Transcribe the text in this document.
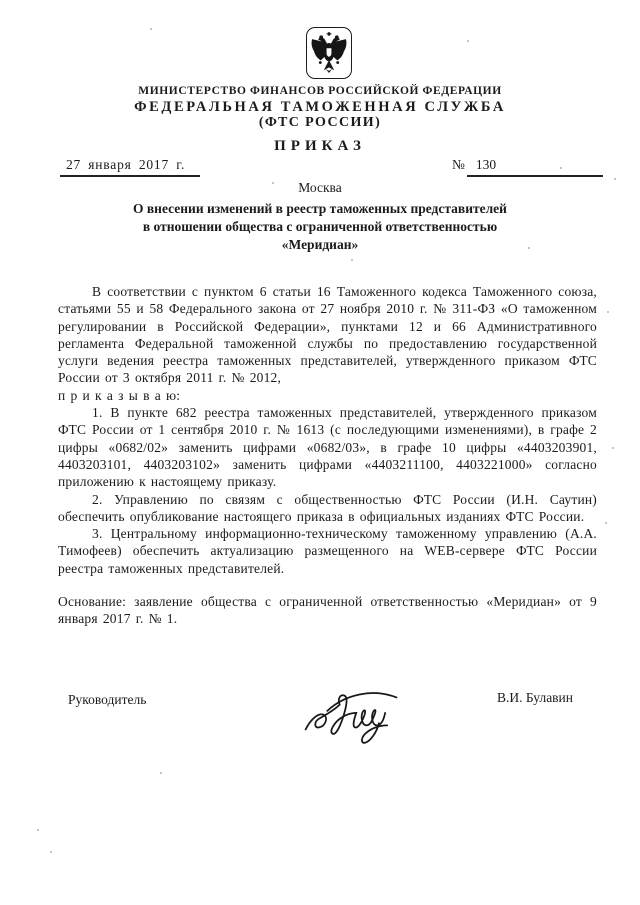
МИНИСТЕРСТВО ФИНАНСОВ РОССИЙСКОЙ ФЕДЕРАЦИИ
ФЕДЕРАЛЬНАЯ ТАМОЖЕННАЯ СЛУЖБА
(ФТС РОССИИ)
ПРИКАЗ
27 января 2017 г.	№ 130
Москва
О внесении изменений в реестр таможенных представителей
в отношении общества с ограниченной ответственностью
«Меридиан»

В соответствии с пунктом 6 статьи 16 Таможенного кодекса Таможенного союза, статьями 55 и 58 Федерального закона от 27 ноября 2010 г. № 311-ФЗ «О таможенном регулировании в Российской Федерации», пунктами 12 и 66 Административного регламента Федеральной таможенной службы по предоставлению государственной услуги ведения реестра таможенных представителей, утвержденного приказом ФТС России от 3 октября 2011 г. № 2012,

п р и к а з ы в а ю:

1. В пункте 682 реестра таможенных представителей, утвержденного приказом ФТС России от 1 сентября 2010 г. № 1613 (с последующими изменениями), в графе 2 цифры «0682/02» заменить цифрами «0682/03», в графе 10 цифры «4403203901, 4403203101, 4403203102» заменить цифрами «4403211100, 4403221000» согласно приложению к настоящему приказу.

2. Управлению по связям с общественностью ФТС России (И.Н. Саутин) обеспечить опубликование настоящего приказа в официальных изданиях ФТС России.

3. Центральному информационно-техническому таможенному управлению (А.А. Тимофеев) обеспечить актуализацию размещенного на WEB-сервере ФТС России реестра таможенных представителей.

Основание: заявление общества с ограниченной ответственностью «Меридиан» от 9 января 2017 г. № 1.

Руководитель	В.И. Булавин
